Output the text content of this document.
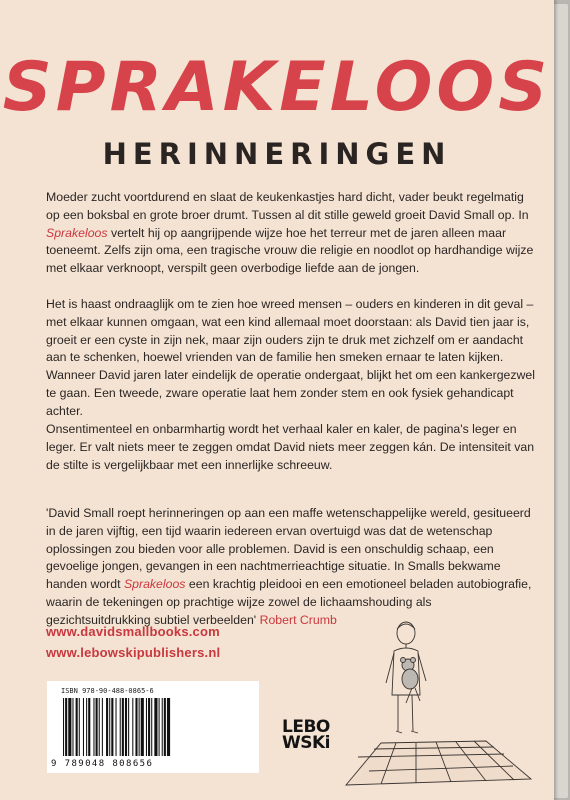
SPRAKELOOS
HERINNERINGEN

Moeder zucht voortdurend en slaat de keukenkastjes hard dicht, vader beukt regelmatig op een boksbal en grote broer drumt. Tussen al dit stille geweld groeit David Small op. In Sprakeloos vertelt hij op aangrijpende wijze hoe het terreur met de jaren alleen maar toeneemt. Zelfs zijn oma, een tragische vrouw die religie en noodlot op hardhandige wijze met elkaar verknoopt, verspilt geen overbodige liefde aan de jongen.

Het is haast ondraaglijk om te zien hoe wreed mensen – ouders en kinderen in dit geval – met elkaar kunnen omgaan, wat een kind allemaal moet doorstaan: als David tien jaar is, groeit er een cyste in zijn nek, maar zijn ouders zijn te druk met zichzelf om er aandacht aan te schenken, hoewel vrienden van de familie hen smeken ernaar te laten kijken. Wanneer David jaren later eindelijk de operatie ondergaat, blijkt het om een kankergezwel te gaan. Een tweede, zware operatie laat hem zonder stem en ook fysiek gehandicapt achter.

Onsentimenteel en onbarmhartig wordt het verhaal kaler en kaler, de pagina's leger en leger. Er valt niets meer te zeggen omdat David niets meer zeggen kán. De intensiteit van de stilte is vergelijkbaar met een innerlijke schreeuw.

'David Small roept herinneringen op aan een maffe wetenschappelijke wereld, gesitueerd in de jaren vijftig, een tijd waarin iedereen ervan overtuigd was dat de wetenschap oplossingen zou bieden voor alle problemen. David is een onschuldig schaap, een gevoelige jongen, gevangen in een nachtmerrieachtige situatie. In Smalls bekwame handen wordt Sprakeloos een krachtig pleidooi en een emotioneel beladen autobiografie, waarin de tekeningen op prachtige wijze zowel de lichaamshouding als gezichtsuitdrukking subtiel verbeelden' Robert Crumb

www.davidsmallbooks.com
www.lebowskipublishers.nl
ISBN 978-90-488-0865-6
9 789048 808656
LEBO
WSKi
